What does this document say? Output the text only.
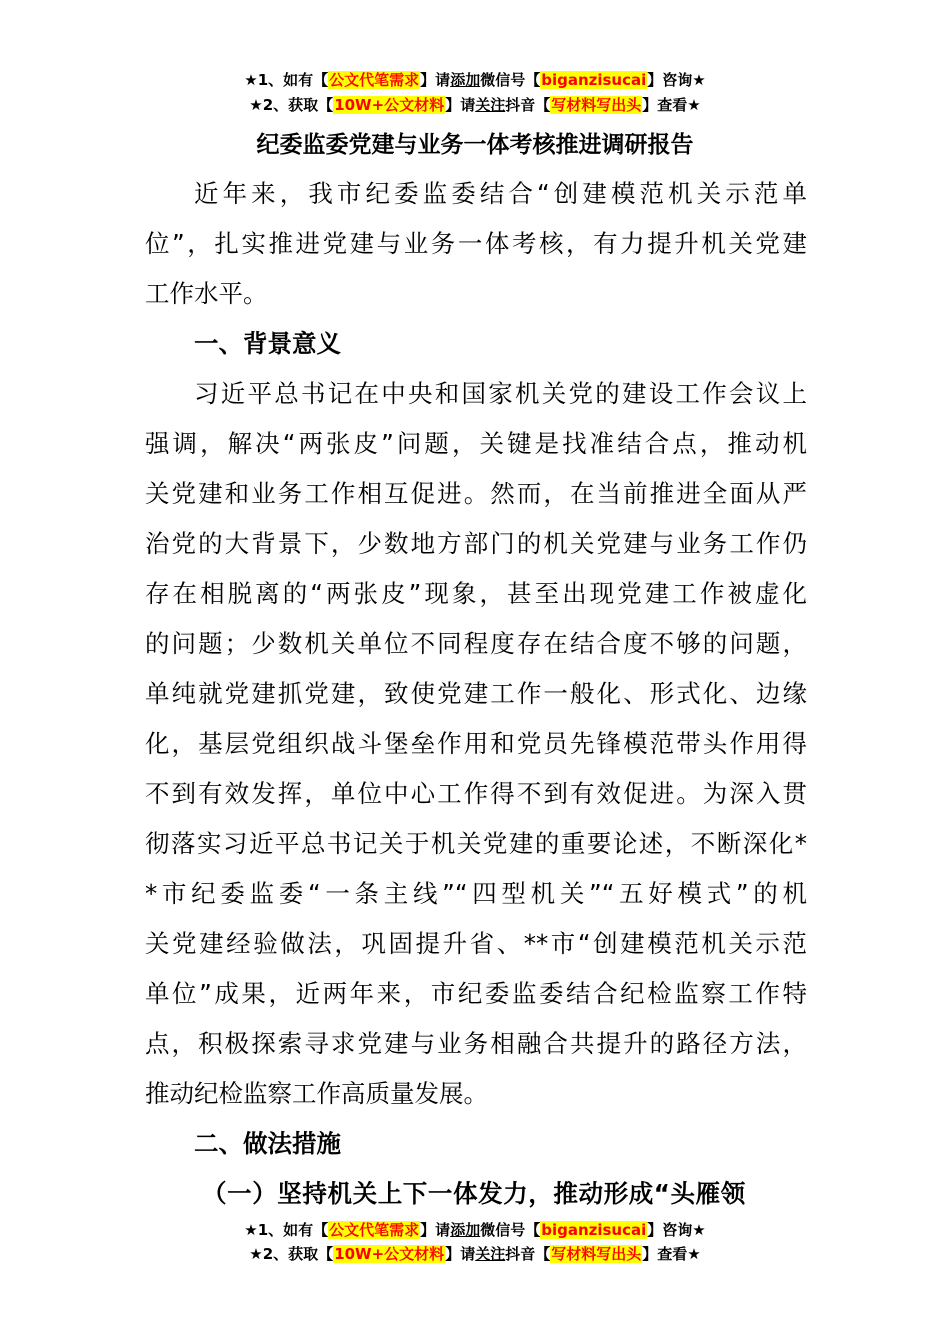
★1、如有【公文代笔需求】请添加微信号【biganzisucai】咨询★
★2、获取【10W+公文材料】请关注抖音【写材料写出头】查看★
纪委监委党建与业务一体考核推进调研报告
近年来，我市纪委监委结合“创建模范机关示范单
位”，扎实推进党建与业务一体考核，有力提升机关党建
工作水平。
一、背景意义
习近平总书记在中央和国家机关党的建设工作会议上
强调，解决“两张皮”问题，关键是找准结合点，推动机
关党建和业务工作相互促进。然而，在当前推进全面从严
治党的大背景下，少数地方部门的机关党建与业务工作仍
存在相脱离的“两张皮”现象，甚至出现党建工作被虚化
的问题；少数机关单位不同程度存在结合度不够的问题，
单纯就党建抓党建，致使党建工作一般化、形式化、边缘
化，基层党组织战斗堡垒作用和党员先锋模范带头作用得
不到有效发挥，单位中心工作得不到有效促进。为深入贯
彻落实习近平总书记关于机关党建的重要论述，不断深化*
*市纪委监委“一条主线”“四型机关”“五好模式”的机
关党建经验做法，巩固提升省、**市“创建模范机关示范
单位”成果，近两年来，市纪委监委结合纪检监察工作特
点，积极探索寻求党建与业务相融合共提升的路径方法，
推动纪检监察工作高质量发展。
二、做法措施
（一）坚持机关上下一体发力，推动形成“头雁领
★1、如有【公文代笔需求】请添加微信号【biganzisucai】咨询★
★2、获取【10W+公文材料】请关注抖音【写材料写出头】查看★
